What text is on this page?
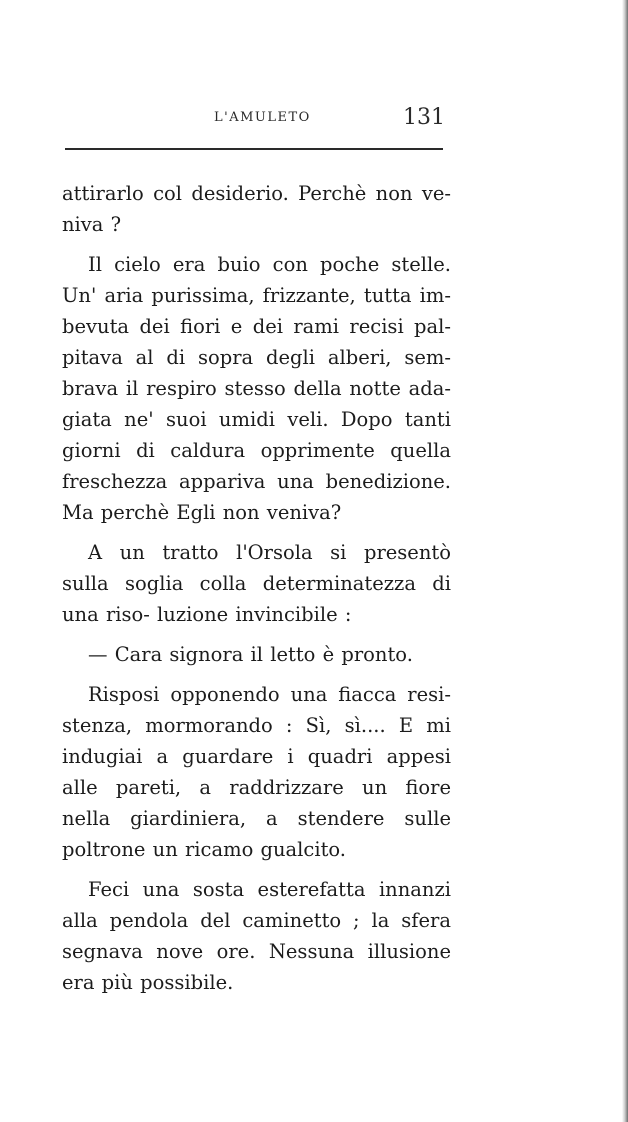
L'AMULETO	131

attirarlo col desiderio. Perchè non ve- niva ?

Il cielo era buio con poche stelle. Un' aria purissima, frizzante, tutta im- bevuta dei fiori e dei rami recisi pal- pitava al di sopra degli alberi, sem- brava il respiro stesso della notte ada- giata ne' suoi umidi veli. Dopo tanti giorni di caldura opprimente quella freschezza appariva una benedizione. Ma perchè Egli non veniva?

A un tratto l'Orsola si presentò sulla soglia colla determinatezza di una riso- luzione invincibile :

— Cara signora il letto è pronto.

Risposi opponendo una fiacca resi- stenza, mormorando : Sì, sì.... E mi indugiai a guardare i quadri appesi alle pareti, a raddrizzare un fiore nella giardiniera, a stendere sulle poltrone un ricamo gualcito.

Feci una sosta esterefatta innanzi alla pendola del caminetto ; la sfera segnava nove ore. Nessuna illusione era più possibile.
